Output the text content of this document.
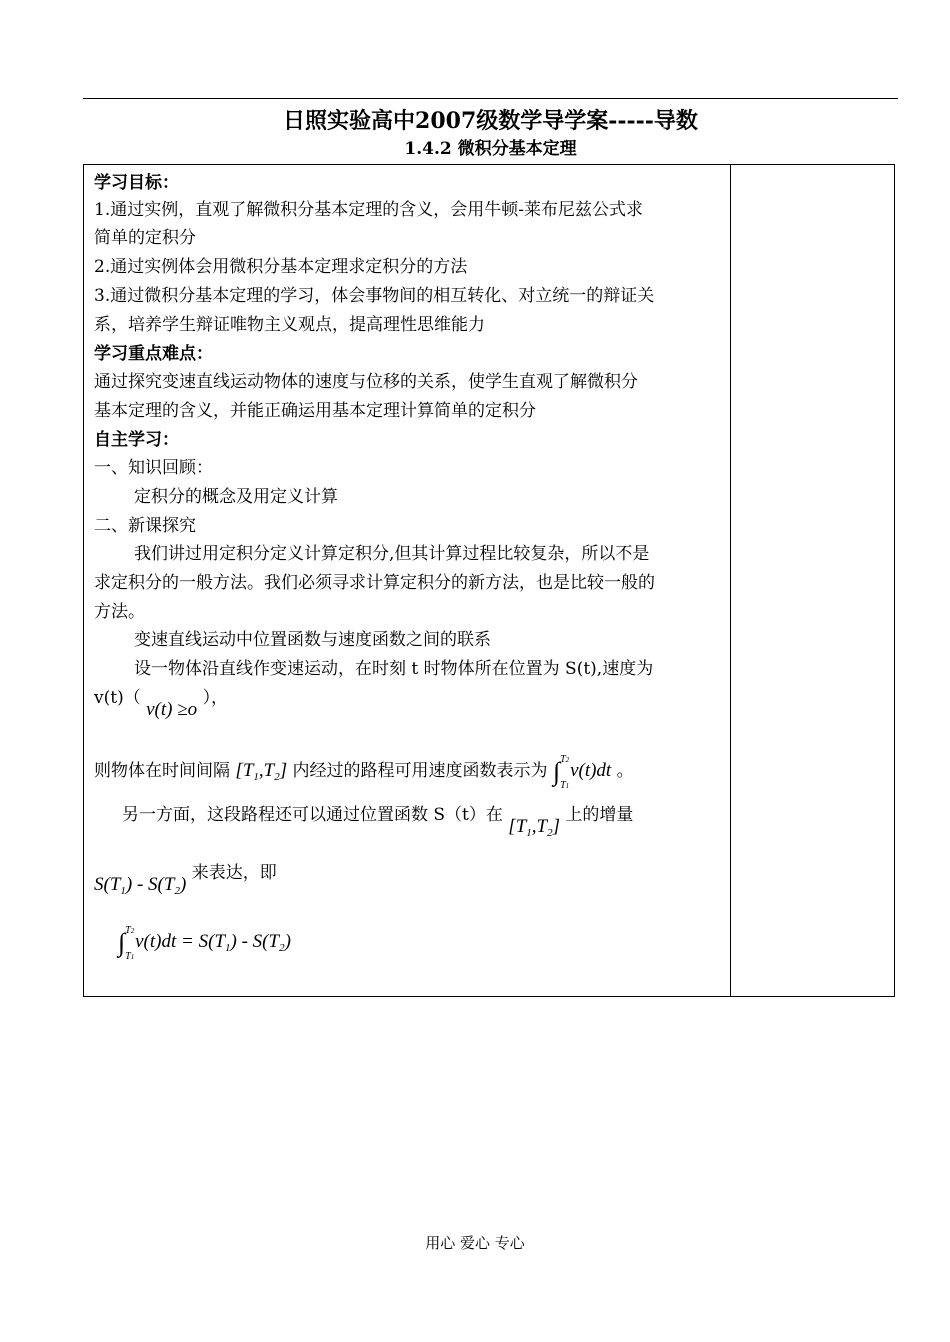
日照实验高中2007级数学导学案-----导数
1.4.2 微积分基本定理
学习目标：
1.通过实例，直观了解微积分基本定理的含义，会用牛顿-莱布尼兹公式求
简单的定积分
2.通过实例体会用微积分基本定理求定积分的方法
3.通过微积分基本定理的学习，体会事物间的相互转化、对立统一的辩证关
系，培养学生辩证唯物主义观点，提高理性思维能力
学习重点难点：
通过探究变速直线运动物体的速度与位移的关系，使学生直观了解微积分
基本定理的含义，并能正确运用基本定理计算简单的定积分
自主学习：
一、知识回顾：
定积分的概念及用定义计算
二、新课探究
我们讲过用定积分定义计算定积分,但其计算过程比较复杂，所以不是
求定积分的一般方法。我们必须寻求计算定积分的新方法，也是比较一般的
方法。
变速直线运动中位置函数与速度函数之间的联系
设一物体沿直线作变速运动，在时刻 t 时物体所在位置为 S(t),速度为
v(t)（ v(t) ≥o ），
则物体在时间间隔 $[T_1,T_2]$ 内经过的路程可用速度函数表示为 ∫ T2
T1
v(t)dt 。
另一方面，这段路程还可以通过位置函数 S（t）在 $[T_1,T_2]$ 上的增量
$S(T_1) - S(T_2)$ 来表达，即
∫ T2
T1
$v(t)dt = S(T_1) - S(T_2)$
用心 爱心 专心
